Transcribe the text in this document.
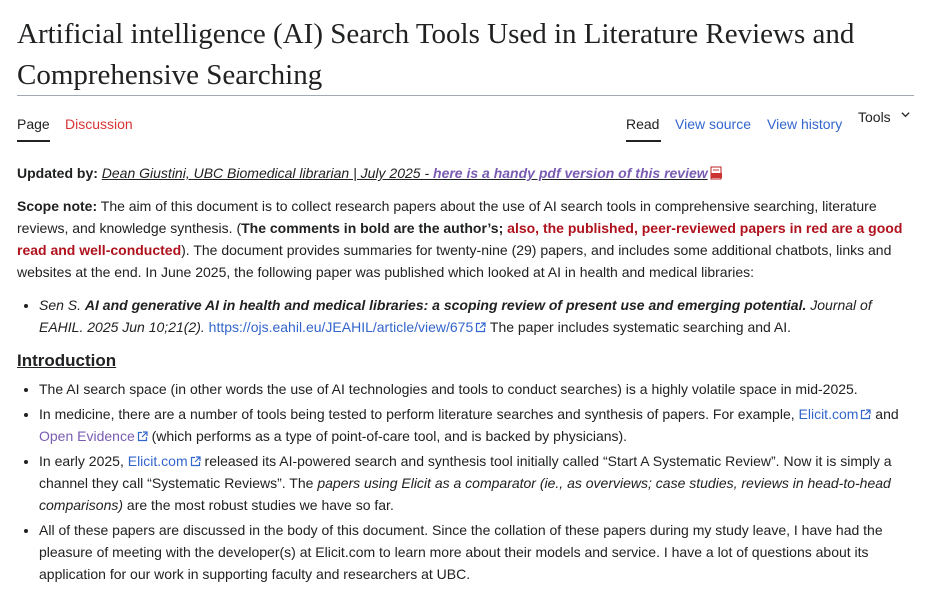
Artificial intelligence (AI) Search Tools Used in Literature Reviews and Comprehensive Searching
Page Discussion	Read View source View history Tools

Updated by: Dean Giustini, UBC Biomedical librarian | July 2025 - here is a handy pdf version of this review

Scope note: The aim of this document is to collect research papers about the use of AI search tools in comprehensive searching, literature reviews, and knowledge synthesis. (The comments in bold are the author’s; also, the published, peer-reviewed papers in red are a good read and well-conducted). The document provides summaries for twenty-nine (29) papers, and includes some additional chatbots, links and websites at the end. In June 2025, the following paper was published which looked at AI in health and medical libraries:

• Sen S. AI and generative AI in health and medical libraries: a scoping review of present use and emerging potential. Journal of EAHIL. 2025 Jun 10;21(2). https://ojs.eahil.eu/JEAHIL/article/view/675 The paper includes systematic searching and AI.
Introduction
• The AI search space (in other words the use of AI technologies and tools to conduct searches) is a highly volatile space in mid-2025.
• In medicine, there are a number of tools being tested to perform literature searches and synthesis of papers. For example, Elicit.com and Open Evidence (which performs as a type of point-of-care tool, and is backed by physicians).
• In early 2025, Elicit.com released its AI-powered search and synthesis tool initially called “Start A Systematic Review”. Now it is simply a channel they call “Systematic Reviews”. The papers using Elicit as a comparator (ie., as overviews; case studies, reviews in head-to-head comparisons) are the most robust studies we have so far.
• All of these papers are discussed in the body of this document. Since the collation of these papers during my study leave, I have had the pleasure of meeting with the developer(s) at Elicit.com to learn more about their models and service. I have a lot of questions about its application for our work in supporting faculty and researchers at UBC.
